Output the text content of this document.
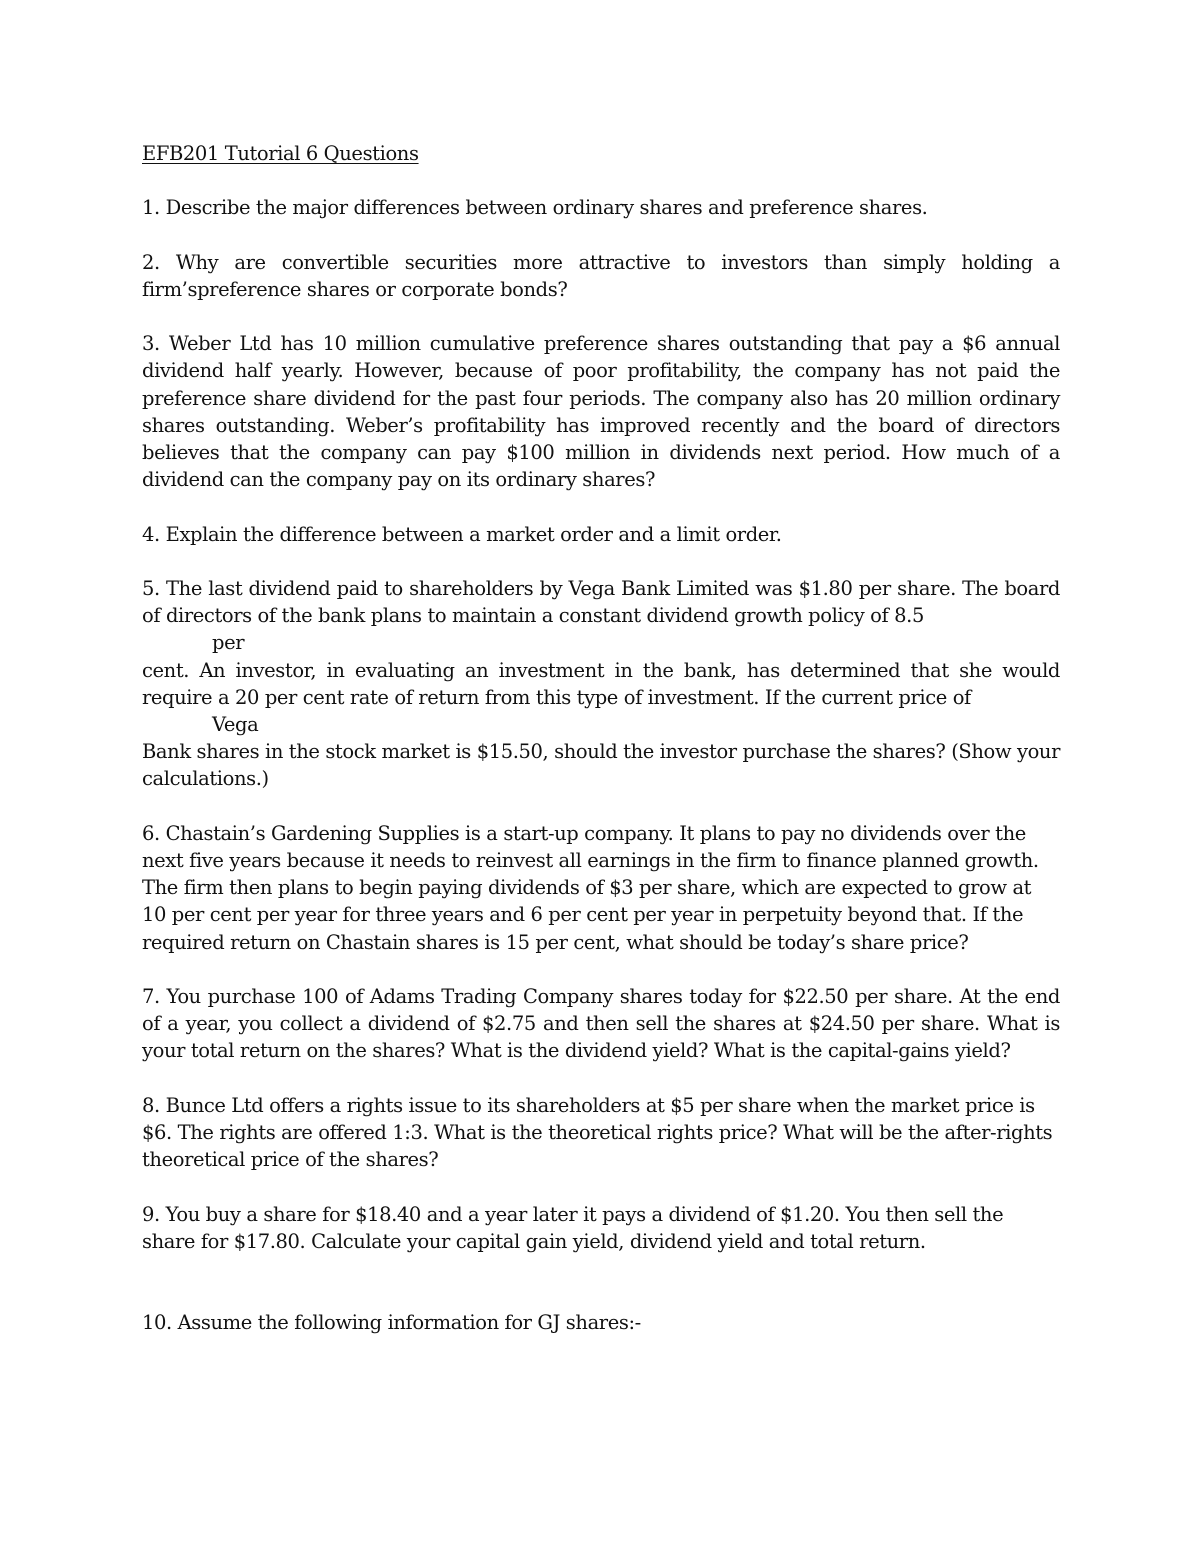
EFB201 Tutorial 6 Questions

1. Describe the major differences between ordinary shares and preference shares.

2. Why are convertible securities more attractive to investors than simply holding a firm’spreference shares or corporate bonds?

3. Weber Ltd has 10 million cumulative preference shares outstanding that pay a $6 annual dividend half yearly. However, because of poor profitability, the company has not paid the preference share dividend for the past four periods. The company also has 20 million ordinary shares outstanding. Weber’s profitability has improved recently and the board of directors believes that the company can pay $100 million in dividends next period. How much of a dividend can the company pay on its ordinary shares?

4. Explain the difference between a market order and a limit order.

5. The last dividend paid to shareholders by Vega Bank Limited was $1.80 per share. The board of directors of the bank plans to maintain a constant dividend growth policy of 8.5
per
cent. An investor, in evaluating an investment in the bank, has determined that she would require a 20 per cent rate of return from this type of investment. If the current price of
Vega
Bank shares in the stock market is $15.50, should the investor purchase the shares? (Show your calculations.)

6. Chastain’s Gardening Supplies is a start-up company. It plans to pay no dividends over the next five years because it needs to reinvest all earnings in the firm to finance planned growth. The firm then plans to begin paying dividends of $3 per share, which are expected to grow at 10 per cent per year for three years and 6 per cent per year in perpetuity beyond that. If the required return on Chastain shares is 15 per cent, what should be today’s share price?

7. You purchase 100 of Adams Trading Company shares today for $22.50 per share. At the end of a year, you collect a dividend of $2.75 and then sell the shares at $24.50 per share. What is your total return on the shares? What is the dividend yield? What is the capital-gains yield?

8. Bunce Ltd offers a rights issue to its shareholders at $5 per share when the market price is $6. The rights are offered 1:3. What is the theoretical rights price? What will be the after-rights theoretical price of the shares?

9. You buy a share for $18.40 and a year later it pays a dividend of $1.20. You then sell the share for $17.80. Calculate your capital gain yield, dividend yield and total return.

10. Assume the following information for GJ shares:-
